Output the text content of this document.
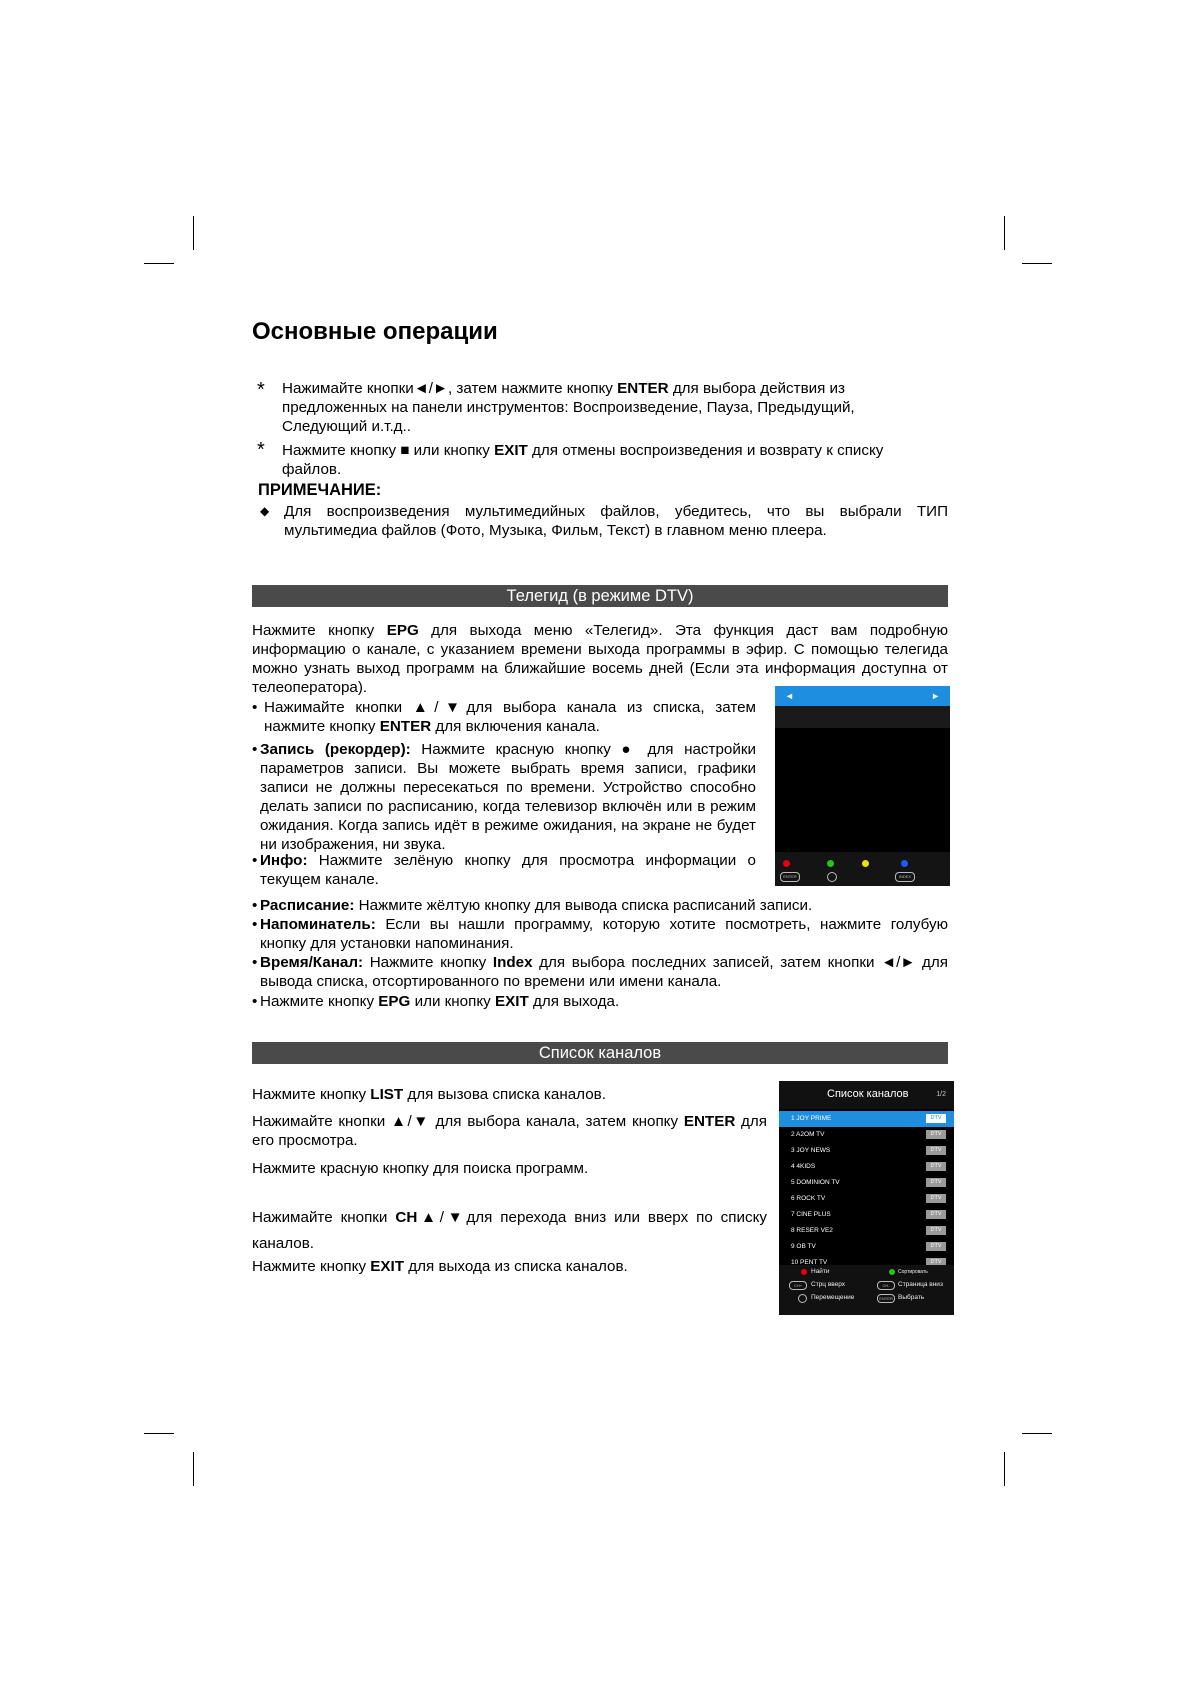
Основные операции
* Нажимайте кнопки◄/►, затем нажмите кнопку ENTER для выбора действия из
предложенных на панели инструментов: Воспроизведение, Пауза, Предыдущий,
Следующий и.т.д..
* Нажмите кнопку ■ или кнопку EXIT для отмены воспроизведения и возврату к списку
файлов.
ПРИМЕЧАНИЕ:
◆ Для воспроизведения мультимедийных файлов, убедитесь, что вы выбрали ТИП мультимедиа файлов (Фото, Музыка, Фильм, Текст) в главном меню плеера.
Телегид (в режиме DTV)
Нажмите кнопку EPG для выхода меню «Телегид». Эта функция даст вам подробную информацию о канале, с указанием времени выхода программы в эфир. С помощью телегида можно узнать выход программ на ближайшие восемь дней (Если эта информация доступна от телеоператора).
• Нажимайте кнопки ▲/▼для выбора канала из списка, затем нажмите кнопку ENTER для включения канала.
• Запись (рекордер): Нажмите красную кнопку ● для настройки параметров записи. Вы можете выбрать время записи, графики записи не должны пересекаться по времени. Устройство способно делать записи по расписанию, когда телевизор включён или в режим ожидания. Когда запись идёт в режиме ожидания, на экране не будет ни изображения, ни звука.
• Инфо: Нажмите зелёную кнопку для просмотра информации о текущем канале.
• Расписание: Нажмите жёлтую кнопку для вывода списка расписаний записи.
• Напоминатель: Если вы нашли программу, которую хотите посмотреть, нажмите голубую кнопку для установки напоминания.
• Время/Канал: Нажмите кнопку Index для выбора последних записей, затем кнопки ◄/► для вывода списка, отсортированного по времени или имени канала.
• Нажмите кнопку EPG или кнопку EXIT для выхода.
◄	►
ENTER	INDEX
Список каналов
Нажмите кнопку LIST для вызова списка каналов.
Нажимайте кнопки ▲/▼ для выбора канала, затем кнопку ENTER для его просмотра.
Нажмите красную кнопку для поиска программ.
Нажимайте кнопки CH▲/▼для перехода вниз или вверх по списку каналов.
Нажмите кнопку EXIT для выхода из списка каналов.
Список каналов	1/2
1 JOY PRIME	DTV
2 A2OM TV	DTV
3 JOY NEWS	DTV
4 4KIDS	DTV
5 DOMINION TV	DTV
6 ROCK TV	DTV
7 CINE PLUS	DTV
8 RESER VE2	DTV
9 OB TV	DTV
10 PENT TV	DTV
Найти	Сортировать
CH+	Стрц вверх	CH-	Страница вниз
Перемещение	ENTER Выбрать
